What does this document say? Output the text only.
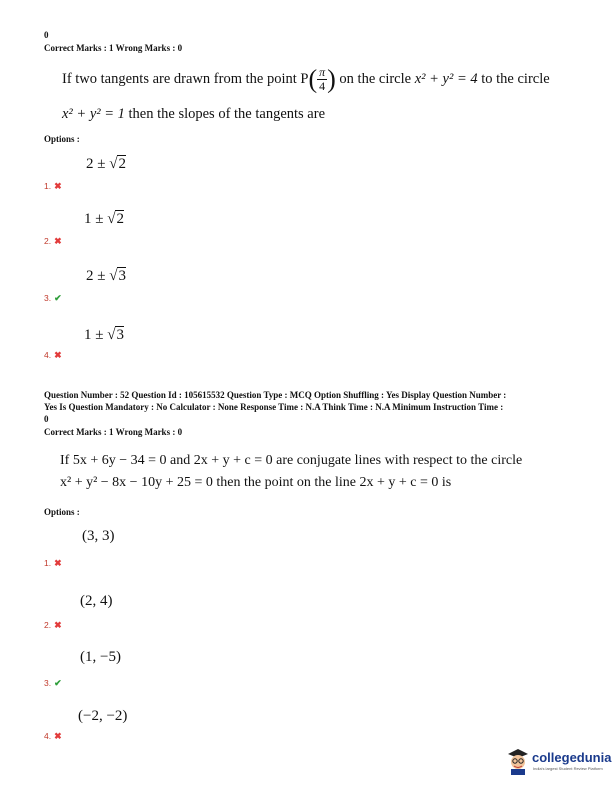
0
Correct Marks : 1 Wrong Marks : 0
If two tangents are drawn from the point $P( \frac{\pi}{4}$ ) on the circle x² + y² = 4 to the circle
x² + y² = 1 then the slopes of the tangents are
Options :
2 ± √2
1. ✖
1 ± √2
2. ✖
2 ± √3
3. ✔
1 ± √3
4. ✖
Question Number : 52 Question Id : 105615532 Question Type : MCQ Option Shuffling : Yes Display Question Number :
Yes Is Question Mandatory : No Calculator : None Response Time : N.A Think Time : N.A Minimum Instruction Time :
0
Correct Marks : 1 Wrong Marks : 0
If 5x + 6y − 34 = 0 and 2x + y + c = 0 are conjugate lines with respect to the circle
x² + y² − 8x − 10y + 25 = 0 then the point on the line 2x + y + c = 0 is
Options :
(3, 3)
1. ✖
(2, 4)
2. ✖
(1, −5)
3. ✔
(−2, −2)
4. ✖
collegedunia
India's largest Student Review Platform
